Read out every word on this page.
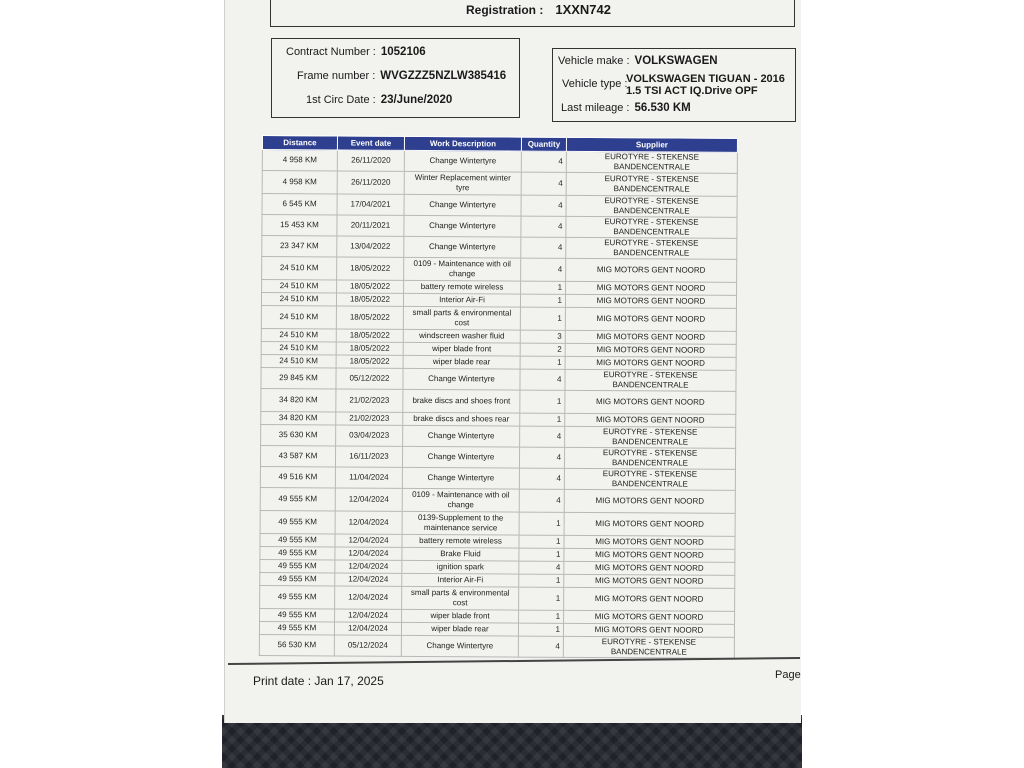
Registration : 1XXN742
Contract Number : 1052106
Frame number : WVGZZZ5NZLW385416
1st Circ Date : 23/June/2020
Vehicle make : VOLKSWAGEN
Vehicle type :
VOLKSWAGEN TIGUAN - 2016
1.5 TSI ACT IQ.Drive OPF
Last mileage : 56.530 KM
Distance	Event date	Work Description	Quantity	Supplier
4 958 KM	26/11/2020	Change Wintertyre	4	EUROTYRE - STEKENSE BANDENCENTRALE
4 958 KM	26/11/2020	Winter Replacement winter tyre	4	EUROTYRE - STEKENSE BANDENCENTRALE
6 545 KM	17/04/2021	Change Wintertyre	4	EUROTYRE - STEKENSE BANDENCENTRALE
15 453 KM	20/11/2021	Change Wintertyre	4	EUROTYRE - STEKENSE BANDENCENTRALE
23 347 KM	13/04/2022	Change Wintertyre	4	EUROTYRE - STEKENSE BANDENCENTRALE
24 510 KM	18/05/2022	0109 - Maintenance with oil change	4	MIG MOTORS GENT NOORD
24 510 KM	18/05/2022	battery remote wireless	1	MIG MOTORS GENT NOORD
24 510 KM	18/05/2022	Interior Air-Fi	1	MIG MOTORS GENT NOORD
24 510 KM	18/05/2022	small parts & environmental cost	1	MIG MOTORS GENT NOORD
24 510 KM	18/05/2022	windscreen washer fluid	3	MIG MOTORS GENT NOORD
24 510 KM	18/05/2022	wiper blade front	2	MIG MOTORS GENT NOORD
24 510 KM	18/05/2022	wiper blade rear	1	MIG MOTORS GENT NOORD
29 845 KM	05/12/2022	Change Wintertyre	4	EUROTYRE - STEKENSE BANDENCENTRALE
34 820 KM	21/02/2023	brake discs and shoes front	1	MIG MOTORS GENT NOORD
34 820 KM	21/02/2023	brake discs and shoes rear	1	MIG MOTORS GENT NOORD
35 630 KM	03/04/2023	Change Wintertyre	4	EUROTYRE - STEKENSE BANDENCENTRALE
43 587 KM	16/11/2023	Change Wintertyre	4	EUROTYRE - STEKENSE BANDENCENTRALE
49 516 KM	11/04/2024	Change Wintertyre	4	EUROTYRE - STEKENSE BANDENCENTRALE
49 555 KM	12/04/2024	0109 - Maintenance with oil change	4	MIG MOTORS GENT NOORD
49 555 KM	12/04/2024	0139-Supplement to the maintenance service	1	MIG MOTORS GENT NOORD
49 555 KM	12/04/2024	battery remote wireless	1	MIG MOTORS GENT NOORD
49 555 KM	12/04/2024	Brake Fluid	1	MIG MOTORS GENT NOORD
49 555 KM	12/04/2024	ignition spark	4	MIG MOTORS GENT NOORD
49 555 KM	12/04/2024	Interior Air-Fi	1	MIG MOTORS GENT NOORD
49 555 KM	12/04/2024	small parts & environmental cost	1	MIG MOTORS GENT NOORD
49 555 KM	12/04/2024	wiper blade front	1	MIG MOTORS GENT NOORD
49 555 KM	12/04/2024	wiper blade rear	1	MIG MOTORS GENT NOORD
56 530 KM	05/12/2024	Change Wintertyre	4	EUROTYRE - STEKENSE BANDENCENTRALE
Print date : Jan 17, 2025	Page
